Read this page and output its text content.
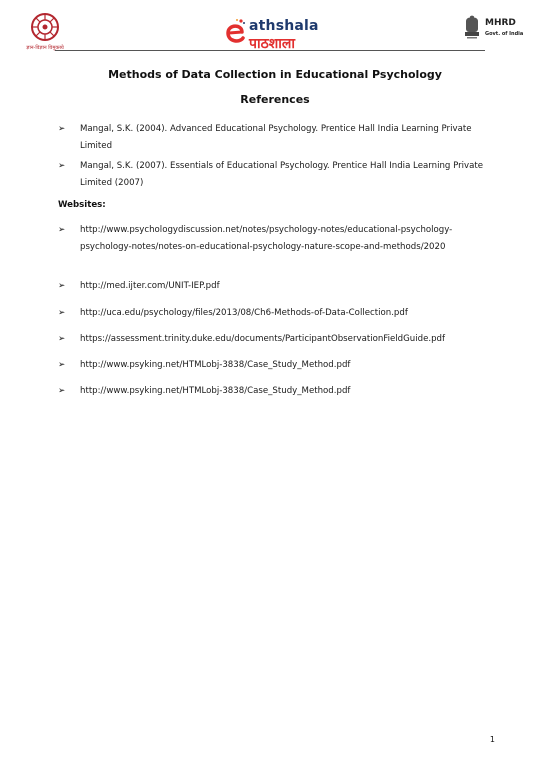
ज्ञान-विज्ञान विमुक्तये
athshala
पाठशाला
MHRD
Govt. of India
Methods of Data Collection in Educational Psychology
References
➢ Mangal, S.K. (2004). Advanced Educational Psychology. Prentice Hall India Learning Private Limited
➢ Mangal, S.K. (2007). Essentials of Educational Psychology. Prentice Hall India Learning Private Limited (2007)
Websites:
➢ http://www.psychologydiscussion.net/notes/psychology-notes/educational-psychology-psychology-notes/notes-on-educational-psychology-nature-scope-and-methods/2020
➢ http://med.ijter.com/UNIT-IEP.pdf
➢ http://uca.edu/psychology/files/2013/08/Ch6-Methods-of-Data-Collection.pdf
➢ https://assessment.trinity.duke.edu/documents/ParticipantObservationFieldGuide.pdf
➢ http://www.psyking.net/HTMLobj-3838/Case_Study_Method.pdf
➢ http://www.psyking.net/HTMLobj-3838/Case_Study_Method.pdf
1
